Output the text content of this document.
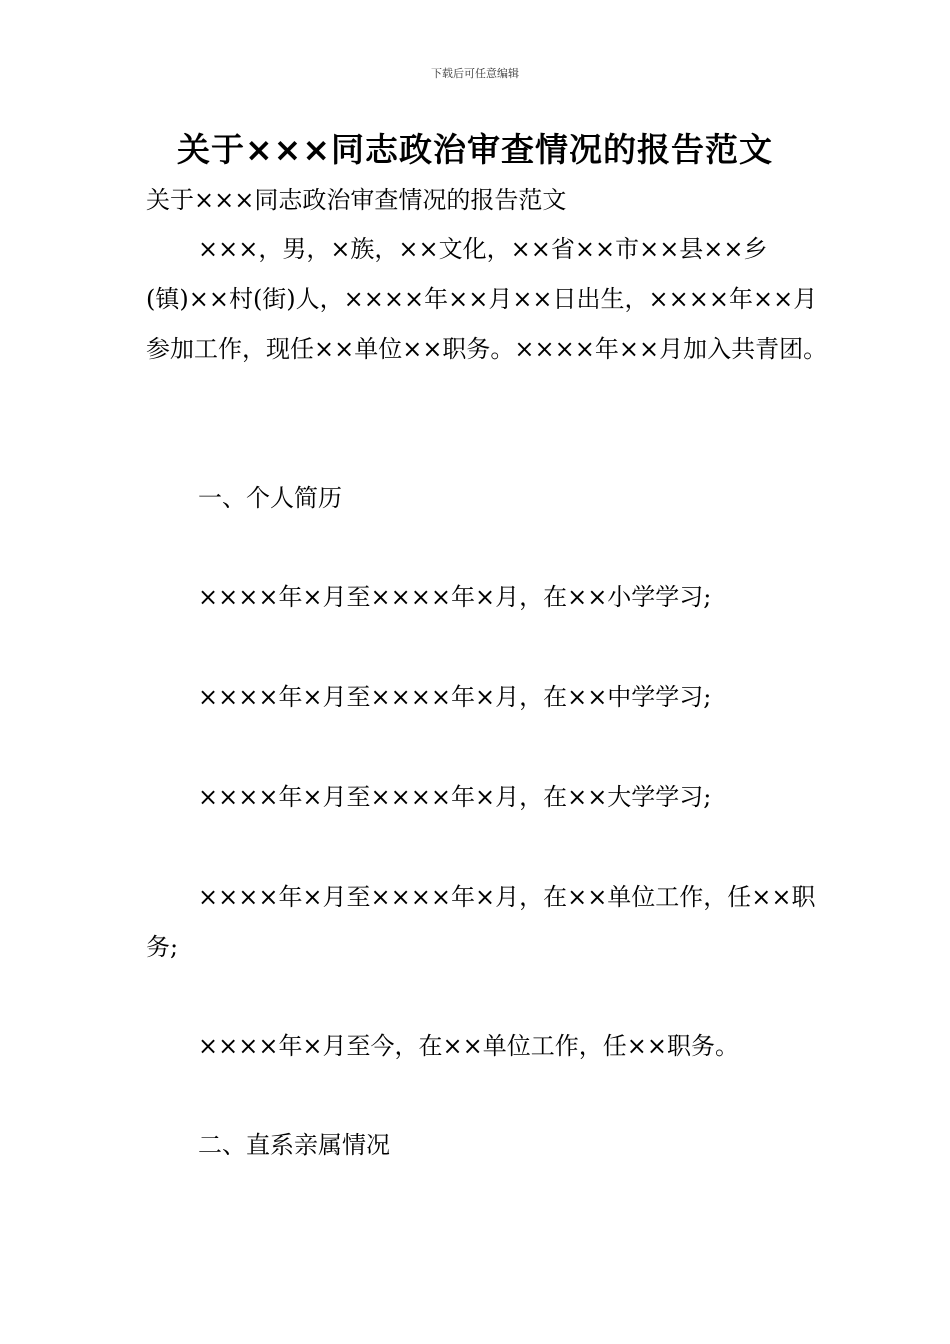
下载后可任意编辑
关于×××同志政治审查情况的报告范文

关于×××同志政治审查情况的报告范文

×××，男，×族，××文化，××省××市××县××乡(镇)××村(街)人，××××年××月××日出生，××××年××月参加工作，现任××单位××职务。××××年××月加入共青团。

一、个人简历

××××年×月至××××年×月，在××小学学习;

××××年×月至××××年×月，在××中学学习;

××××年×月至××××年×月，在××大学学习;

××××年×月至××××年×月，在××单位工作，任××职务;

××××年×月至今，在××单位工作，任××职务。

二、直系亲属情况
